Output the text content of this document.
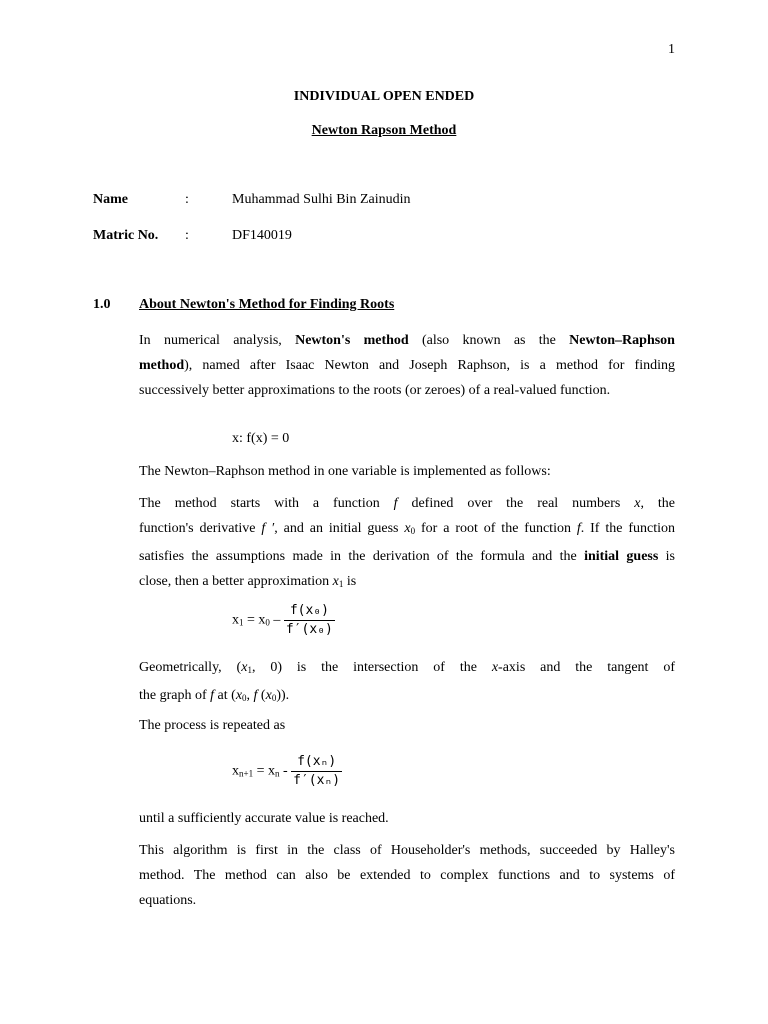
1
INDIVIDUAL OPEN ENDED
Newton Rapson Method
Name	:	Muhammad Sulhi Bin Zainudin
Matric No. :	DF140019
1.0 About Newton's Method for Finding Roots
In numerical analysis, Newton's method (also known as the Newton–Raphson
method), named after Isaac Newton and Joseph Raphson, is a method for finding
successively better approximations to the roots (or zeroes) of a real-valued function.
x: f(x) = 0
The Newton–Raphson method in one variable is implemented as follows:
The method starts with a function f defined over the real numbers x, the
function's derivative f ′, and an initial guess $x_0$ for a root of the function f. If the function
satisfies the assumptions made in the derivation of the formula and the initial guess is
close, then a better approximation $x_1$ is
$x_1 = x_0 - \frac{\text{f(x₀)}}{\text{f′(x₀)}}$
Geometrically, ($x_1$, 0) is the intersection of the x-axis and the tangent of
the graph of f at ($x_0$, f $(x_0)$).
The process is repeated as
$x_{n+1} = x_n - \frac{\text{f(xₙ)}}{\text{f′(xₙ)}}$
until a sufficiently accurate value is reached.
This algorithm is first in the class of Householder's methods, succeeded by Halley's
method. The method can also be extended to complex functions and to systems of
equations.
